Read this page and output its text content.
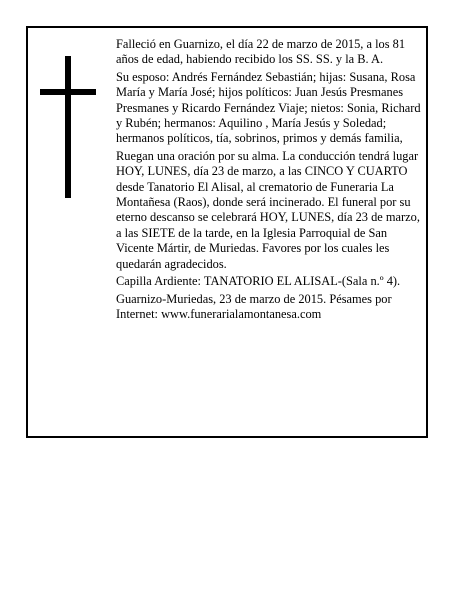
Falleció en Guarnizo, el día 22 de marzo de 2015, a los 81 años de edad, habiendo recibido los SS. SS. y la B. A.

Su esposo: Andrés Fernández Sebastián; hijas: Susana, Rosa María y María José; hijos políticos: Juan Jesús Presmanes Presmanes y Ricardo Fernández Viaje; nietos: Sonia, Richard y Rubén; hermanos: Aquilino , María Jesús y Soledad; hermanos políticos, tía, sobrinos, primos y demás familia,

Ruegan una oración por su alma. La conducción tendrá lugar HOY, LUNES, día 23 de marzo, a las CINCO Y CUARTO desde Tanatorio El Alisal, al crematorio de Funeraria La Montañesa (Raos), donde será incinerado. El funeral por su eterno descanso se celebrará HOY, LUNES, día 23 de marzo, a las SIETE de la tarde, en la Iglesia Parroquial de San Vicente Mártir, de Muriedas. Favores por los cuales les quedarán agradecidos.

Capilla Ardiente: TANATORIO EL ALISAL-(Sala n.º 4).

Guarnizo-Muriedas, 23 de marzo de 2015. Pésames por Internet: www.funerarialamontanesa.com
